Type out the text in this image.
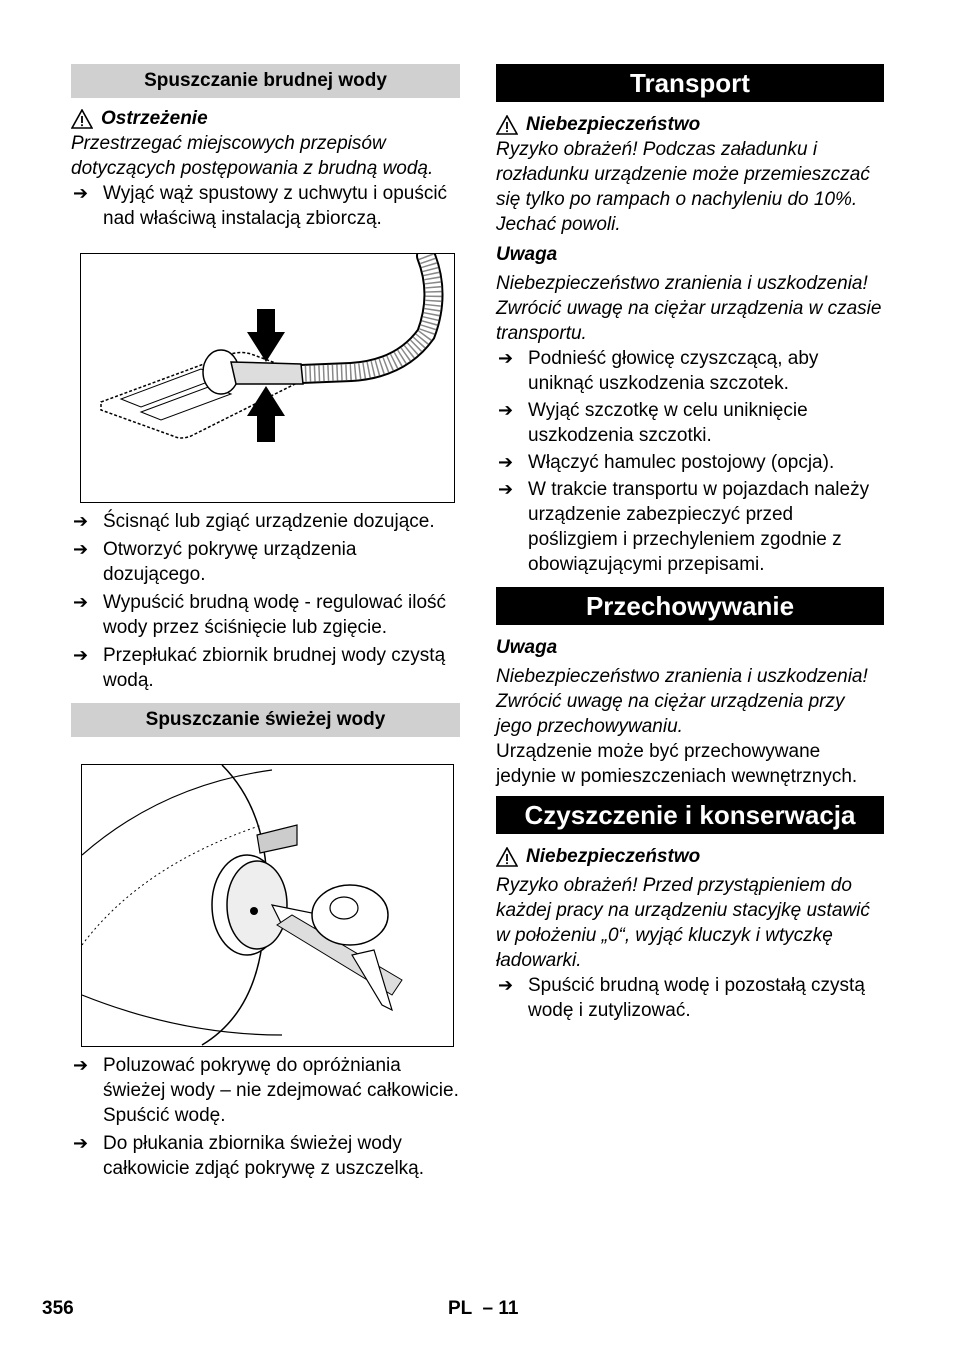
Spuszczanie brudnej wody
Ostrzeżenie
Przestrzegać miejscowych przepisów dotyczących postępowania z brudną wodą.
➔ Wyjąć wąż spustowy z uchwytu i opuścić nad właściwą instalacją zbiorczą.
➔ Ścisnąć lub zgiąć urządzenie dozujące.
➔ Otworzyć pokrywę urządzenia dozującego.
➔ Wypuścić brudną wodę - regulować ilość wody przez ściśnięcie lub zgięcie.
➔ Przepłukać zbiornik brudnej wody czystą wodą.
Spuszczanie świeżej wody
➔ Poluzować pokrywę do opróżniania świeżej wody – nie zdejmować całkowicie. Spuścić wodę.
➔ Do płukania zbiornika świeżej wody całkowicie zdjąć pokrywę z uszczelką.
Transport
Niebezpieczeństwo
Ryzyko obrażeń! Podczas załadunku i rozładunku urządzenie może przemieszczać się tylko po rampach o nachyleniu do 10%. Jechać powoli.
Uwaga
Niebezpieczeństwo zranienia i uszkodzenia! Zwrócić uwagę na ciężar urządzenia w czasie transportu.
➔ Podnieść głowicę czyszczącą, aby uniknąć uszkodzenia szczotek.
➔ Wyjąć szczotkę w celu uniknięcie uszkodzenia szczotki.
➔ Włączyć hamulec postojowy (opcja).
➔ W trakcie transportu w pojazdach należy urządzenie zabezpieczyć przed poślizgiem i przechyleniem zgodnie z obowiązującymi przepisami.
Przechowywanie
Uwaga
Niebezpieczeństwo zranienia i uszkodzenia! Zwrócić uwagę na ciężar urządzenia przy jego przechowywaniu.
Urządzenie może być przechowywane jedynie w pomieszczeniach wewnętrznych.
Czyszczenie i konserwacja
Niebezpieczeństwo
Ryzyko obrażeń! Przed przystąpieniem do każdej pracy na urządzeniu stacyjkę ustawić w położeniu „0“, wyjąć kluczyk i wtyczkę ładowarki.
➔ Spuścić brudną wodę i pozostałą czystą wodę i zutylizować.
356	PL  – 11
